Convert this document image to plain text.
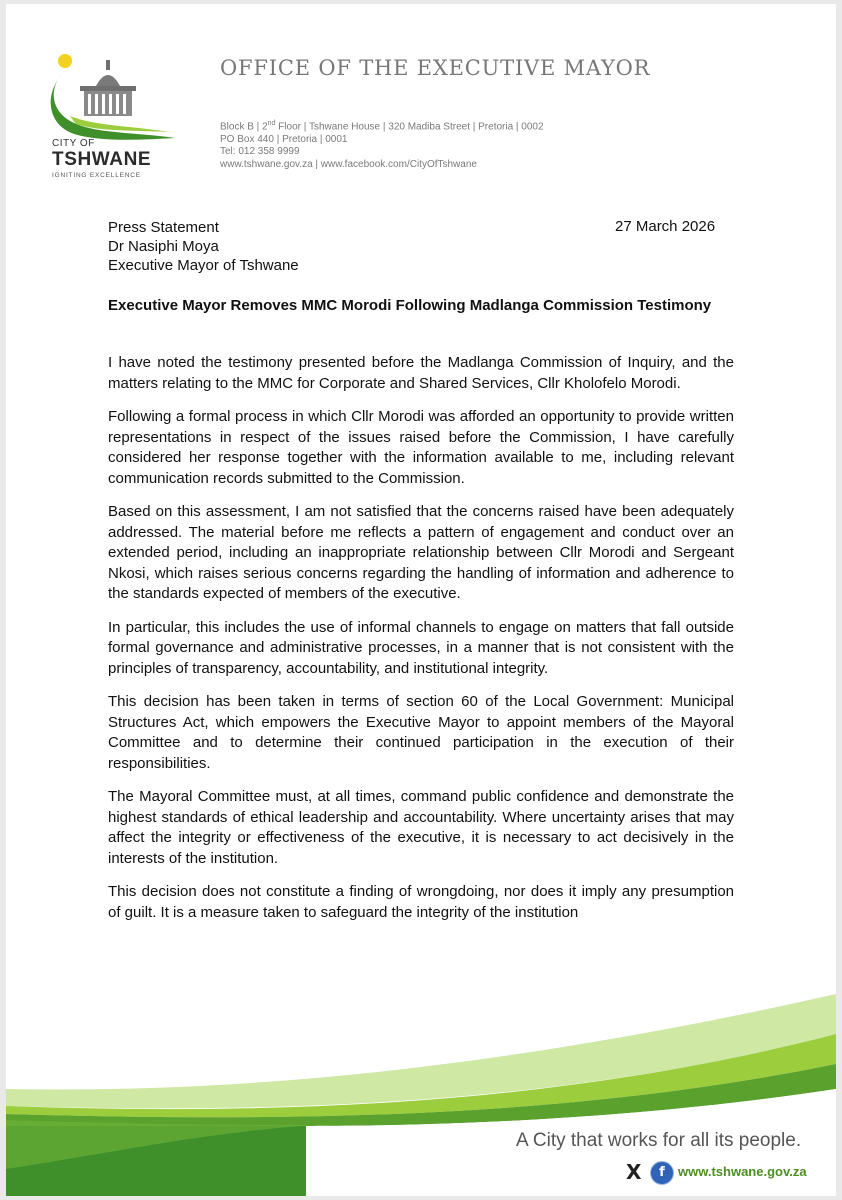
CITY OF
TSHWANE
IGNITING EXCELLENCE
OFFICE OF THE EXECUTIVE MAYOR
Block B | 2nd Floor | Tshwane House | 320 Madiba Street | Pretoria | 0002
PO Box 440 | Pretoria | 0001
Tel: 012 358 9999
www.tshwane.gov.za | www.facebook.com/CityOfTshwane
Press Statement
Dr Nasiphi Moya
Executive Mayor of Tshwane
27 March 2026
Executive Mayor Removes MMC Morodi Following Madlanga Commission Testimony

I have noted the testimony presented before the Madlanga Commission of Inquiry, and the matters relating to the MMC for Corporate and Shared Services, Cllr Kholofelo Morodi.

Following a formal process in which Cllr Morodi was afforded an opportunity to provide written representations in respect of the issues raised before the Commission, I have carefully considered her response together with the information available to me, including relevant communication records submitted to the Commission.

Based on this assessment, I am not satisfied that the concerns raised have been adequately addressed. The material before me reflects a pattern of engagement and conduct over an extended period, including an inappropriate relationship between Cllr Morodi and Sergeant Nkosi, which raises serious concerns regarding the handling of information and adherence to the standards expected of members of the executive.

In particular, this includes the use of informal channels to engage on matters that fall outside formal governance and administrative processes, in a manner that is not consistent with the principles of transparency, accountability, and institutional integrity.

This decision has been taken in terms of section 60 of the Local Government: Municipal Structures Act, which empowers the Executive Mayor to appoint members of the Mayoral Committee and to determine their continued participation in the execution of their responsibilities.

The Mayoral Committee must, at all times, command public confidence and demonstrate the highest standards of ethical leadership and accountability. Where uncertainty arises that may affect the integrity or effectiveness of the executive, it is necessary to act decisively in the interests of the institution.

This decision does not constitute a finding of wrongdoing, nor does it imply any presumption of guilt. It is a measure taken to safeguard the integrity of the institution

A City that works for all its people.
X	f	www.tshwane.gov.za
